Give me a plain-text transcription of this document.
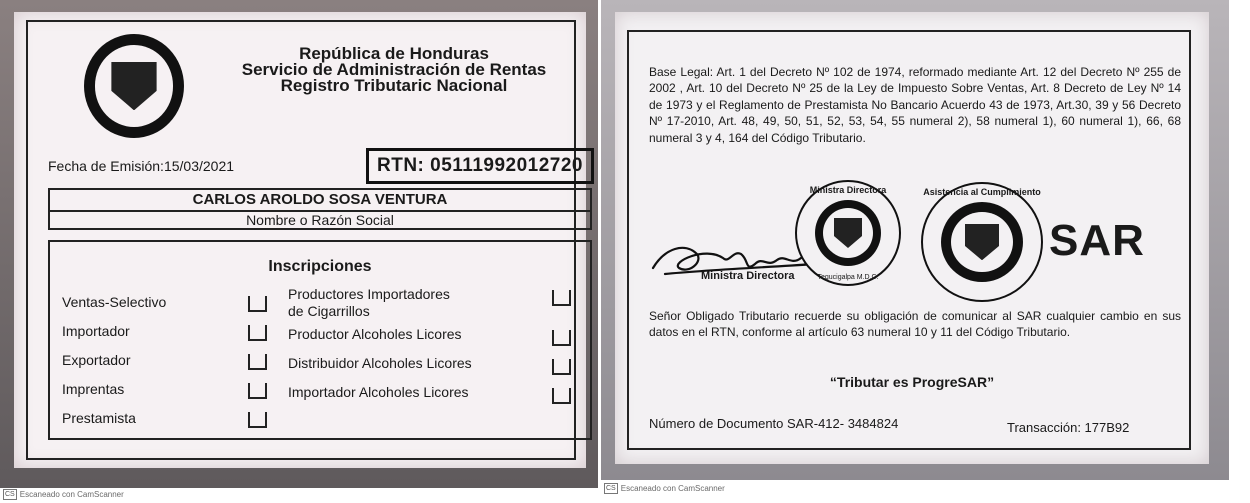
República de Honduras
Servicio de Administración de Rentas
Registro Tributaric Nacional
Fecha de Emisión:15/03/2021	RTN: 05111992012720
CARLOS AROLDO SOSA VENTURA
Nombre o Razón Social
Inscripciones
Ventas-Selectivo
Importador
Exportador
Imprentas
Prestamista
Productores Importadores
de Cigarrillos
Productor Alcoholes Licores
Distribuidor Alcoholes Licores
Importador Alcoholes Licores
Base Legal: Art. 1 del Decreto Nº 102 de 1974, reformado mediante Art. 12 del Decreto Nº 255 de 2002 , Art. 10 del Decreto Nº 25 de la Ley de Impuesto Sobre Ventas, Art. 8 Decreto de Ley Nº 14 de 1973 y el Reglamento de Prestamista No Bancario Acuerdo 43 de 1973, Art.30, 39 y 56 Decreto Nº 17-2010, Art. 48, 49, 50, 51, 52, 53, 54, 55 numeral 2), 58 numeral 1), 60 numeral 1), 66, 68 numeral 3 y 4, 164 del Código Tributario.
Ministra Directora
Ministra Directora
Tegucigalpa M.D.C.
Asistencia al Cumplimiento
SAR
Señor Obligado Tributario recuerde su obligación de comunicar al SAR cualquier cambio en sus datos en el RTN, conforme al artículo 63 numeral 10 y 11 del Código Tributario.
“Tributar es ProgreSAR”
Número de Documento SAR-412- 3484824	Transacción: 177B92
CS Escaneado con CamScanner
CS Escaneado con CamScanner
